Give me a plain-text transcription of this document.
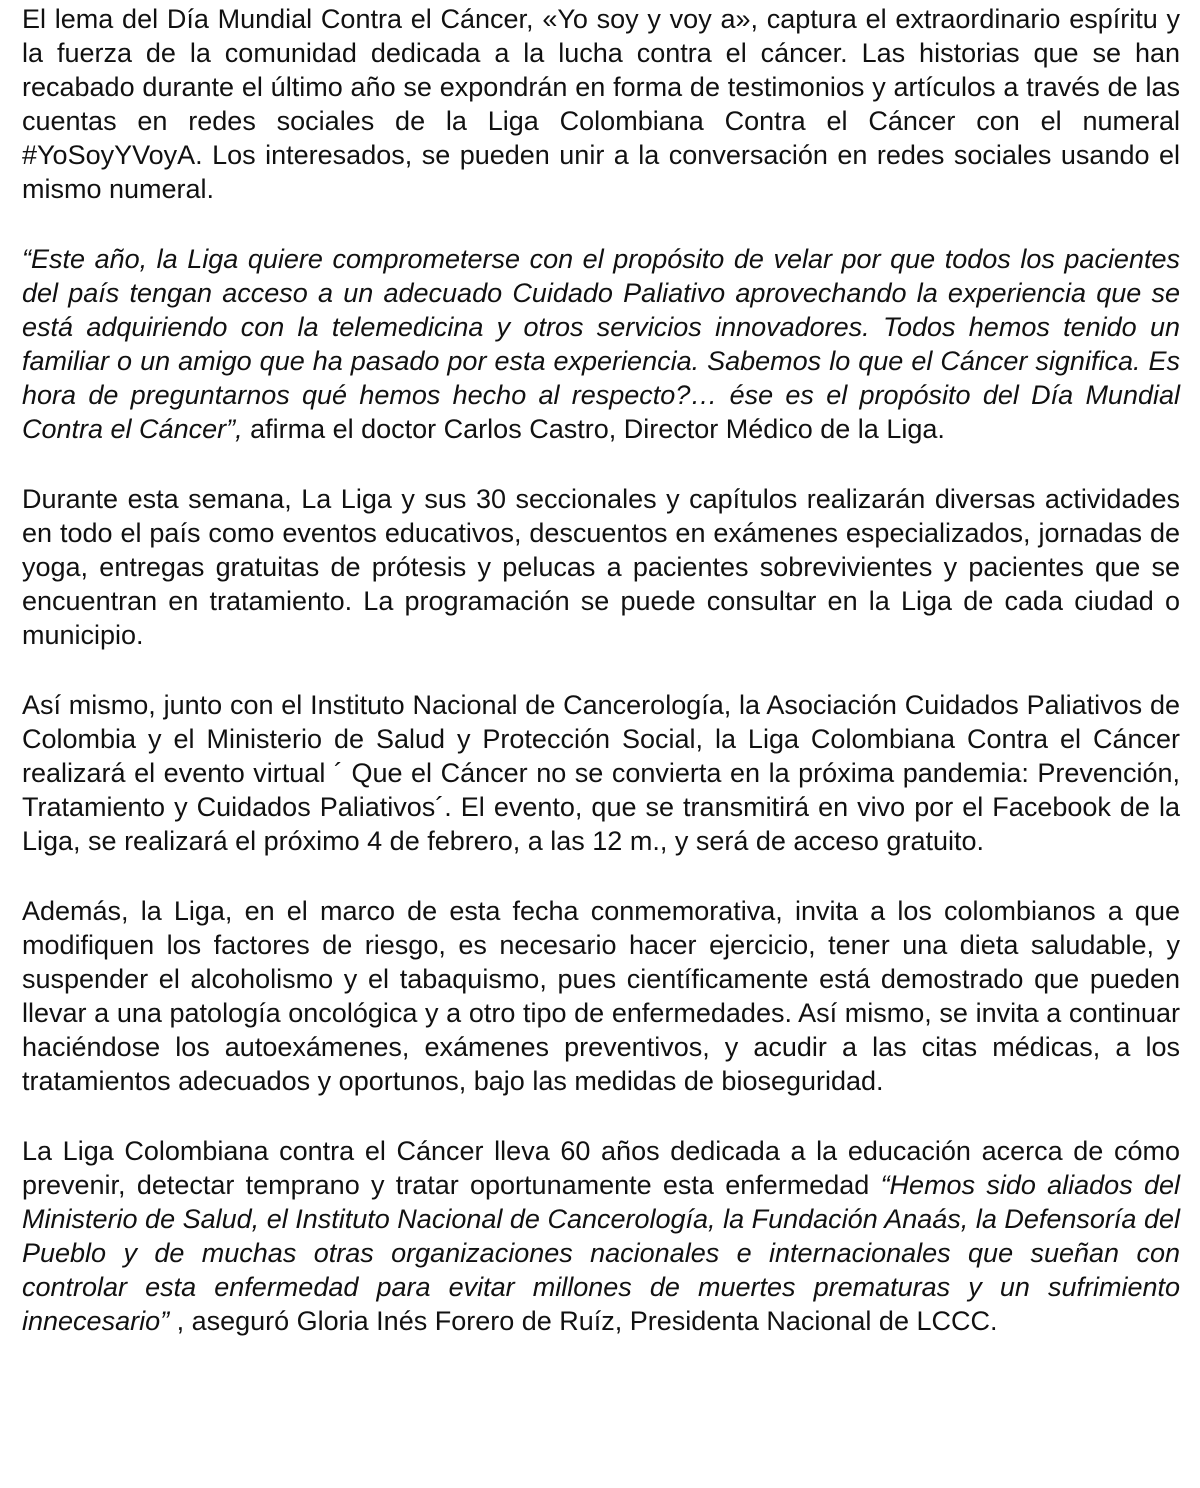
El lema del Día Mundial Contra el Cáncer, «Yo soy y voy a», captura el extraordinario espíritu y la fuerza de la comunidad dedicada a la lucha contra el cáncer. Las historias que se han recabado durante el último año se expondrán en forma de testimonios y artículos a través de las cuentas en redes sociales de la Liga Colombiana Contra el Cáncer con el numeral #YoSoyYVoyA. Los interesados, se pueden unir a la conversación en redes sociales usando el mismo numeral.

“Este año, la Liga quiere comprometerse con el propósito de velar por que todos los pacientes del país tengan acceso a un adecuado Cuidado Paliativo aprovechando la experiencia que se está adquiriendo con la telemedicina y otros servicios innovadores. Todos hemos tenido un familiar o un amigo que ha pasado por esta experiencia. Sabemos lo que el Cáncer significa. Es hora de preguntarnos qué hemos hecho al respecto?… ése es el propósito del Día Mundial Contra el Cáncer”, afirma el doctor Carlos Castro, Director Médico de la Liga.

Durante esta semana, La Liga y sus 30 seccionales y capítulos realizarán diversas actividades en todo el país como eventos educativos, descuentos en exámenes especializados, jornadas de yoga, entregas gratuitas de prótesis y pelucas a pacientes sobrevivientes y pacientes que se encuentran en tratamiento. La programación se puede consultar en la Liga de cada ciudad o municipio.

Así mismo, junto con el Instituto Nacional de Cancerología, la Asociación Cuidados Paliativos de Colombia y el Ministerio de Salud y Protección Social, la Liga Colombiana Contra el Cáncer realizará el evento virtual ´ Que el Cáncer no se convierta en la próxima pandemia: Prevención, Tratamiento y Cuidados Paliativos´. El evento, que se transmitirá en vivo por el Facebook de la Liga, se realizará el próximo 4 de febrero, a las 12 m., y será de acceso gratuito.

Además, la Liga, en el marco de esta fecha conmemorativa, invita a los colombianos a que modifiquen los factores de riesgo, es necesario hacer ejercicio, tener una dieta saludable, y suspender el alcoholismo y el tabaquismo, pues científicamente está demostrado que pueden llevar a una patología oncológica y a otro tipo de enfermedades. Así mismo, se invita a continuar haciéndose los autoexámenes, exámenes preventivos, y acudir a las citas médicas, a los tratamientos adecuados y oportunos, bajo las medidas de bioseguridad.

La Liga Colombiana contra el Cáncer lleva 60 años dedicada a la educación acerca de cómo prevenir, detectar temprano y tratar oportunamente esta enfermedad “Hemos sido aliados del Ministerio de Salud, el Instituto Nacional de Cancerología, la Fundación Anaás, la Defensoría del Pueblo y de muchas otras organizaciones nacionales e internacionales que sueñan con controlar esta enfermedad para evitar millones de muertes prematuras y un sufrimiento innecesario” , aseguró Gloria Inés Forero de Ruíz, Presidenta Nacional de LCCC.
